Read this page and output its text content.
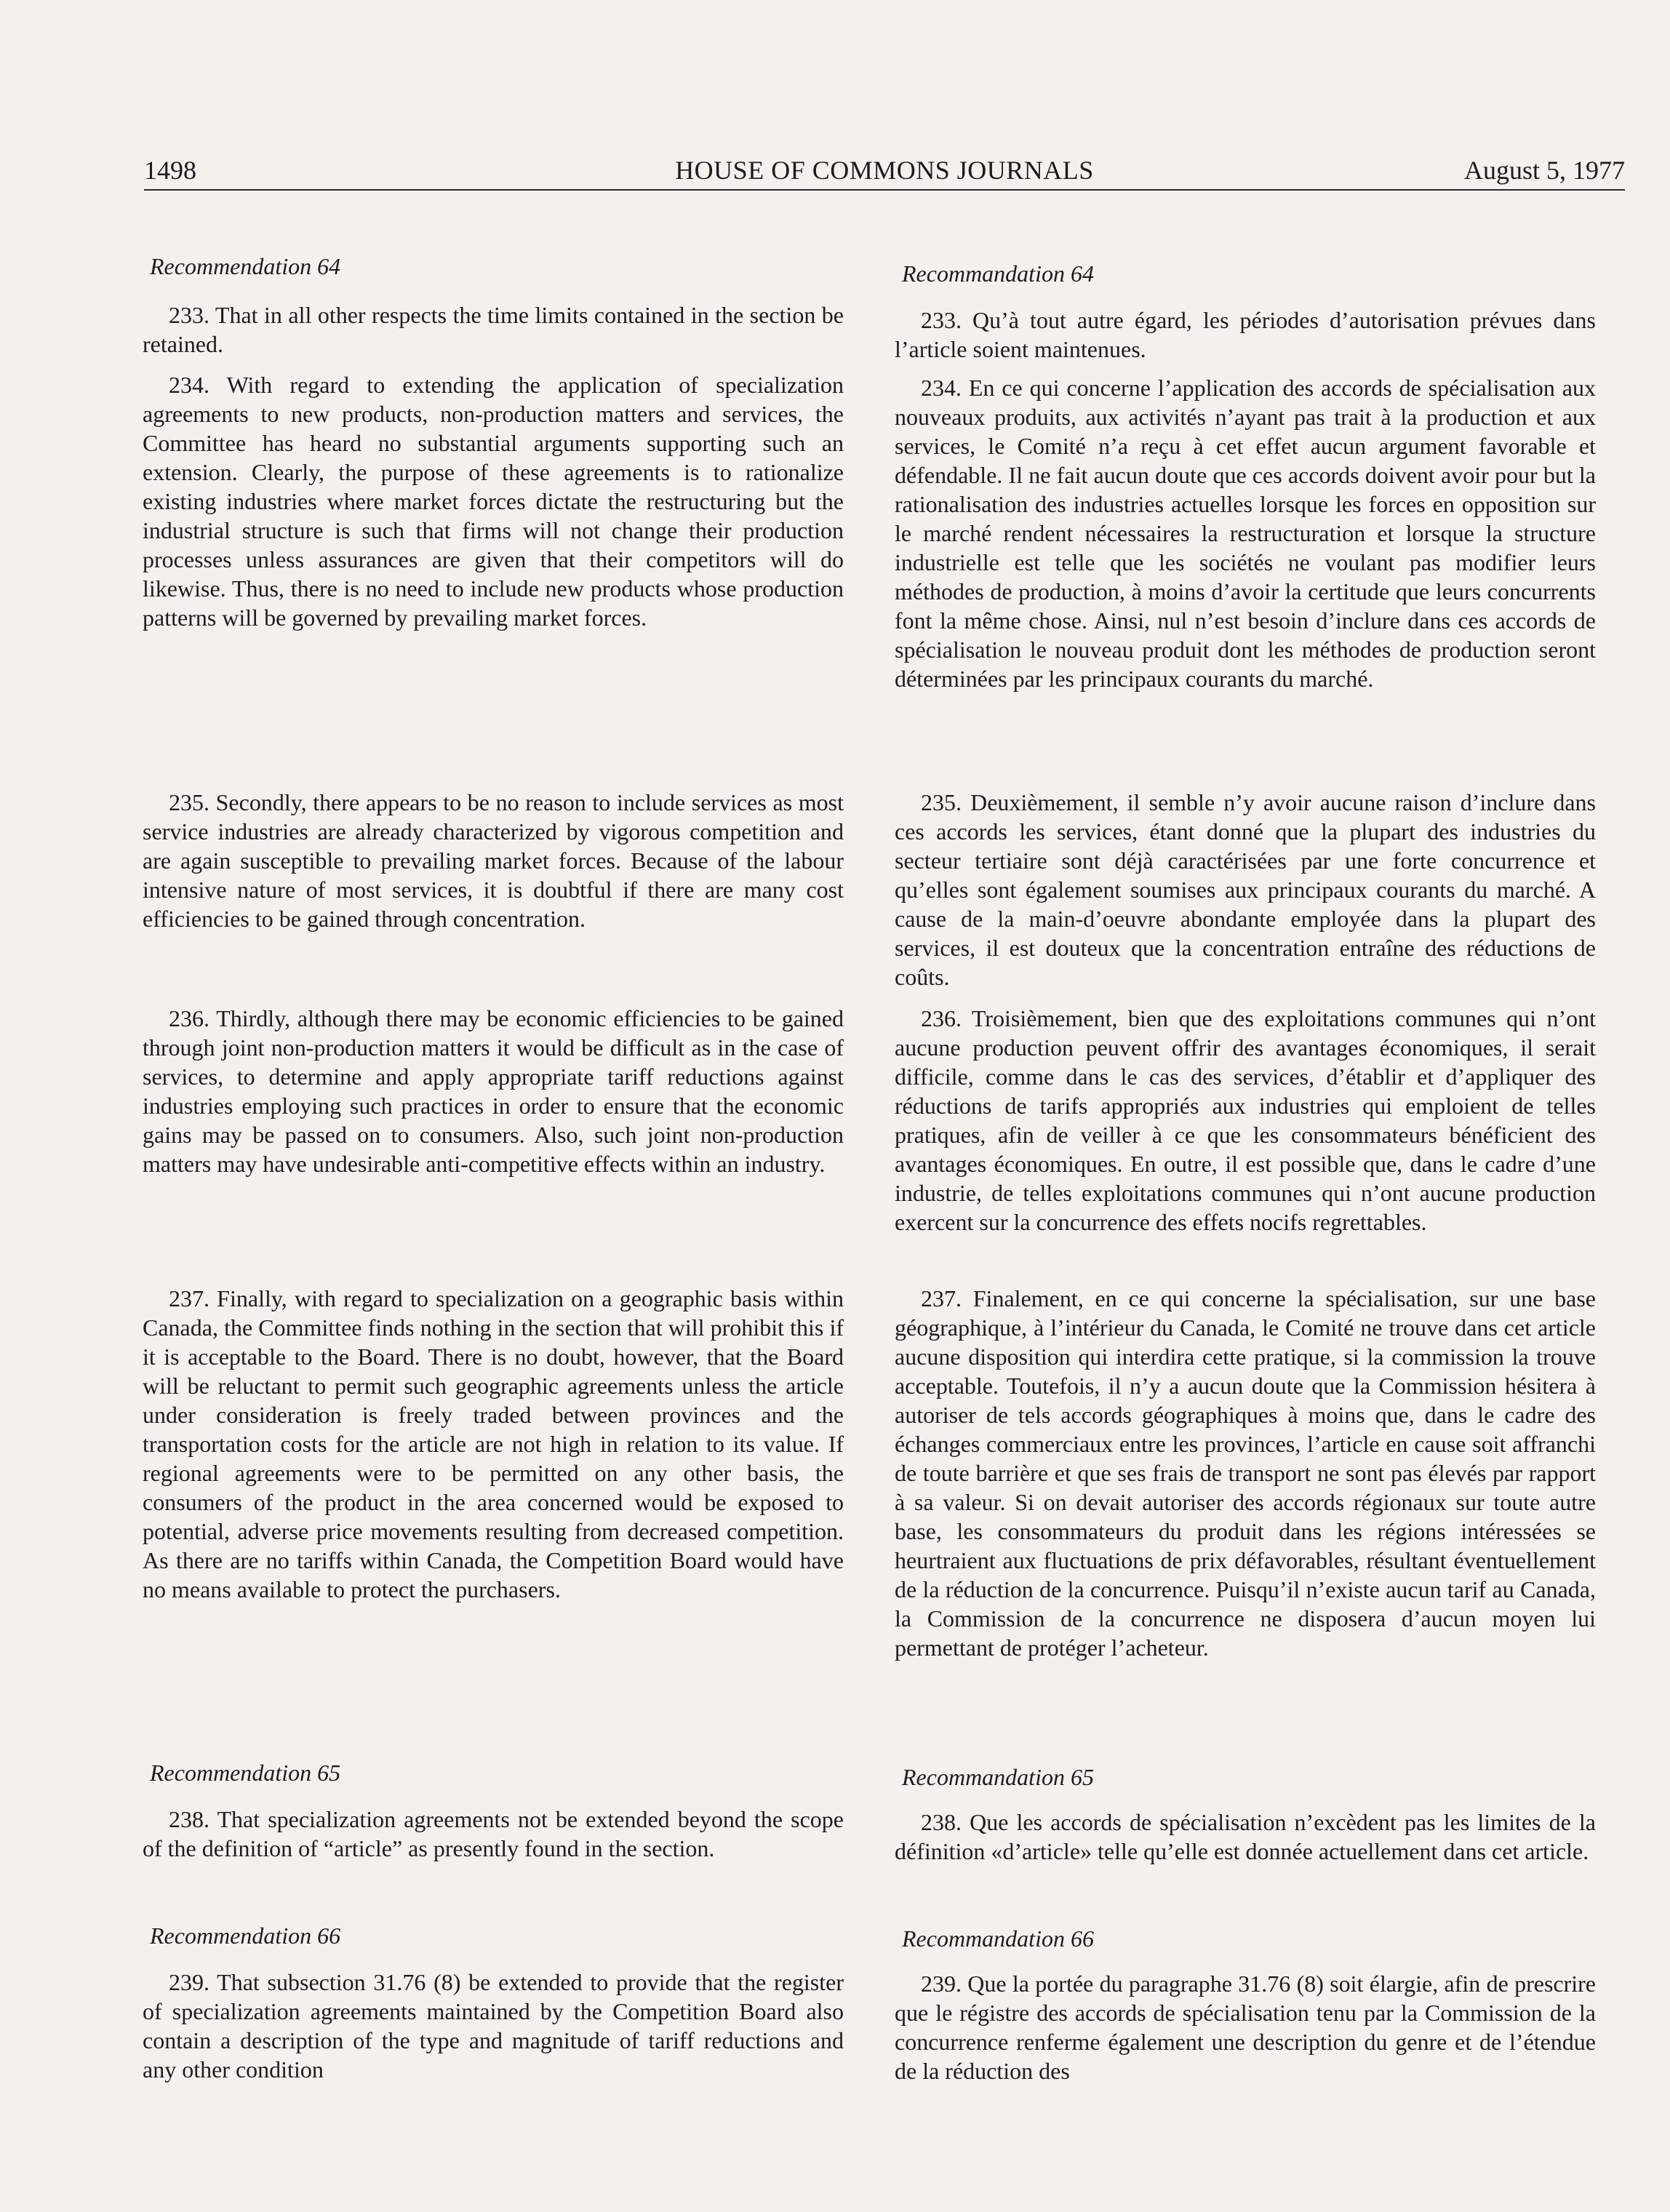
HOUSE OF COMMONS JOURNALS
1498	August 5, 1977
Recommendation 64
233. That in all other respects the time limits contained in the section be retained.
234. With regard to extending the application of specialization agreements to new products, non-production matters and services, the Committee has heard no substantial arguments supporting such an extension. Clearly, the purpose of these agreements is to rationalize existing industries where market forces dictate the restructuring but the industrial structure is such that firms will not change their production processes unless assurances are given that their competitors will do likewise. Thus, there is no need to include new products whose production patterns will be governed by prevailing market forces.
235. Secondly, there appears to be no reason to include services as most service industries are already characterized by vigorous competition and are again susceptible to prevailing market forces. Because of the labour intensive nature of most services, it is doubtful if there are many cost efficiencies to be gained through concentration.
236. Thirdly, although there may be economic efficiencies to be gained through joint non-production matters it would be difficult as in the case of services, to determine and apply appropriate tariff reductions against industries employing such practices in order to ensure that the economic gains may be passed on to consumers. Also, such joint non-production matters may have undesirable anti-competitive effects within an industry.
237. Finally, with regard to specialization on a geographic basis within Canada, the Committee finds nothing in the section that will prohibit this if it is acceptable to the Board. There is no doubt, however, that the Board will be reluctant to permit such geographic agreements unless the article under consideration is freely traded between provinces and the transportation costs for the article are not high in relation to its value. If regional agreements were to be permitted on any other basis, the consumers of the product in the area concerned would be exposed to potential, adverse price movements resulting from decreased competition. As there are no tariffs within Canada, the Competition Board would have no means available to protect the purchasers.
Recommendation 65
238. That specialization agreements not be extended beyond the scope of the definition of “article” as presently found in the section.
Recommendation 66
239. That subsection 31.76 (8) be extended to provide that the register of specialization agreements maintained by the Competition Board also contain a description of the type and magnitude of tariff reductions and any other condition
Recommandation 64
233. Qu’à tout autre égard, les périodes d’autorisation prévues dans l’article soient maintenues.
234. En ce qui concerne l’application des accords de spécialisation aux nouveaux produits, aux activités n’ayant pas trait à la production et aux services, le Comité n’a reçu à cet effet aucun argument favorable et défendable. Il ne fait aucun doute que ces accords doivent avoir pour but la rationalisation des industries actuelles lorsque les forces en opposition sur le marché rendent nécessaires la restructuration et lorsque la structure industrielle est telle que les sociétés ne voulant pas modifier leurs méthodes de production, à moins d’avoir la certitude que leurs concurrents font la même chose. Ainsi, nul n’est besoin d’inclure dans ces accords de spécialisation le nouveau produit dont les méthodes de production seront déterminées par les principaux courants du marché.
235. Deuxièmement, il semble n’y avoir aucune raison d’inclure dans ces accords les services, étant donné que la plupart des industries du secteur tertiaire sont déjà caractérisées par une forte concurrence et qu’elles sont également soumises aux principaux courants du marché. A cause de la main-d’oeuvre abondante employée dans la plupart des services, il est douteux que la concentration entraîne des réductions de coûts.
236. Troisièmement, bien que des exploitations communes qui n’ont aucune production peuvent offrir des avantages économiques, il serait difficile, comme dans le cas des services, d’établir et d’appliquer des réductions de tarifs appropriés aux industries qui emploient de telles pratiques, afin de veiller à ce que les consommateurs bénéficient des avantages économiques. En outre, il est possible que, dans le cadre d’une industrie, de telles exploitations communes qui n’ont aucune production exercent sur la concurrence des effets nocifs regrettables.
237. Finalement, en ce qui concerne la spécialisation, sur une base géographique, à l’intérieur du Canada, le Comité ne trouve dans cet article aucune disposition qui interdira cette pratique, si la commission la trouve acceptable. Toutefois, il n’y a aucun doute que la Commission hésitera à autoriser de tels accords géographiques à moins que, dans le cadre des échanges commerciaux entre les provinces, l’article en cause soit affranchi de toute barrière et que ses frais de transport ne sont pas élevés par rapport à sa valeur. Si on devait autoriser des accords régionaux sur toute autre base, les consommateurs du produit dans les régions intéressées se heurtraient aux fluctuations de prix défavorables, résultant éventuellement de la réduction de la concurrence. Puisqu’il n’existe aucun tarif au Canada, la Commission de la concurrence ne disposera d’aucun moyen lui permettant de protéger l’acheteur.
Recommandation 65
238. Que les accords de spécialisation n’excèdent pas les limites de la définition «d’article» telle qu’elle est donnée actuellement dans cet article.
Recommandation 66
239. Que la portée du paragraphe 31.76 (8) soit élargie, afin de prescrire que le régistre des accords de spécialisation tenu par la Commission de la concurrence renferme également une description du genre et de l’étendue de la réduction des
